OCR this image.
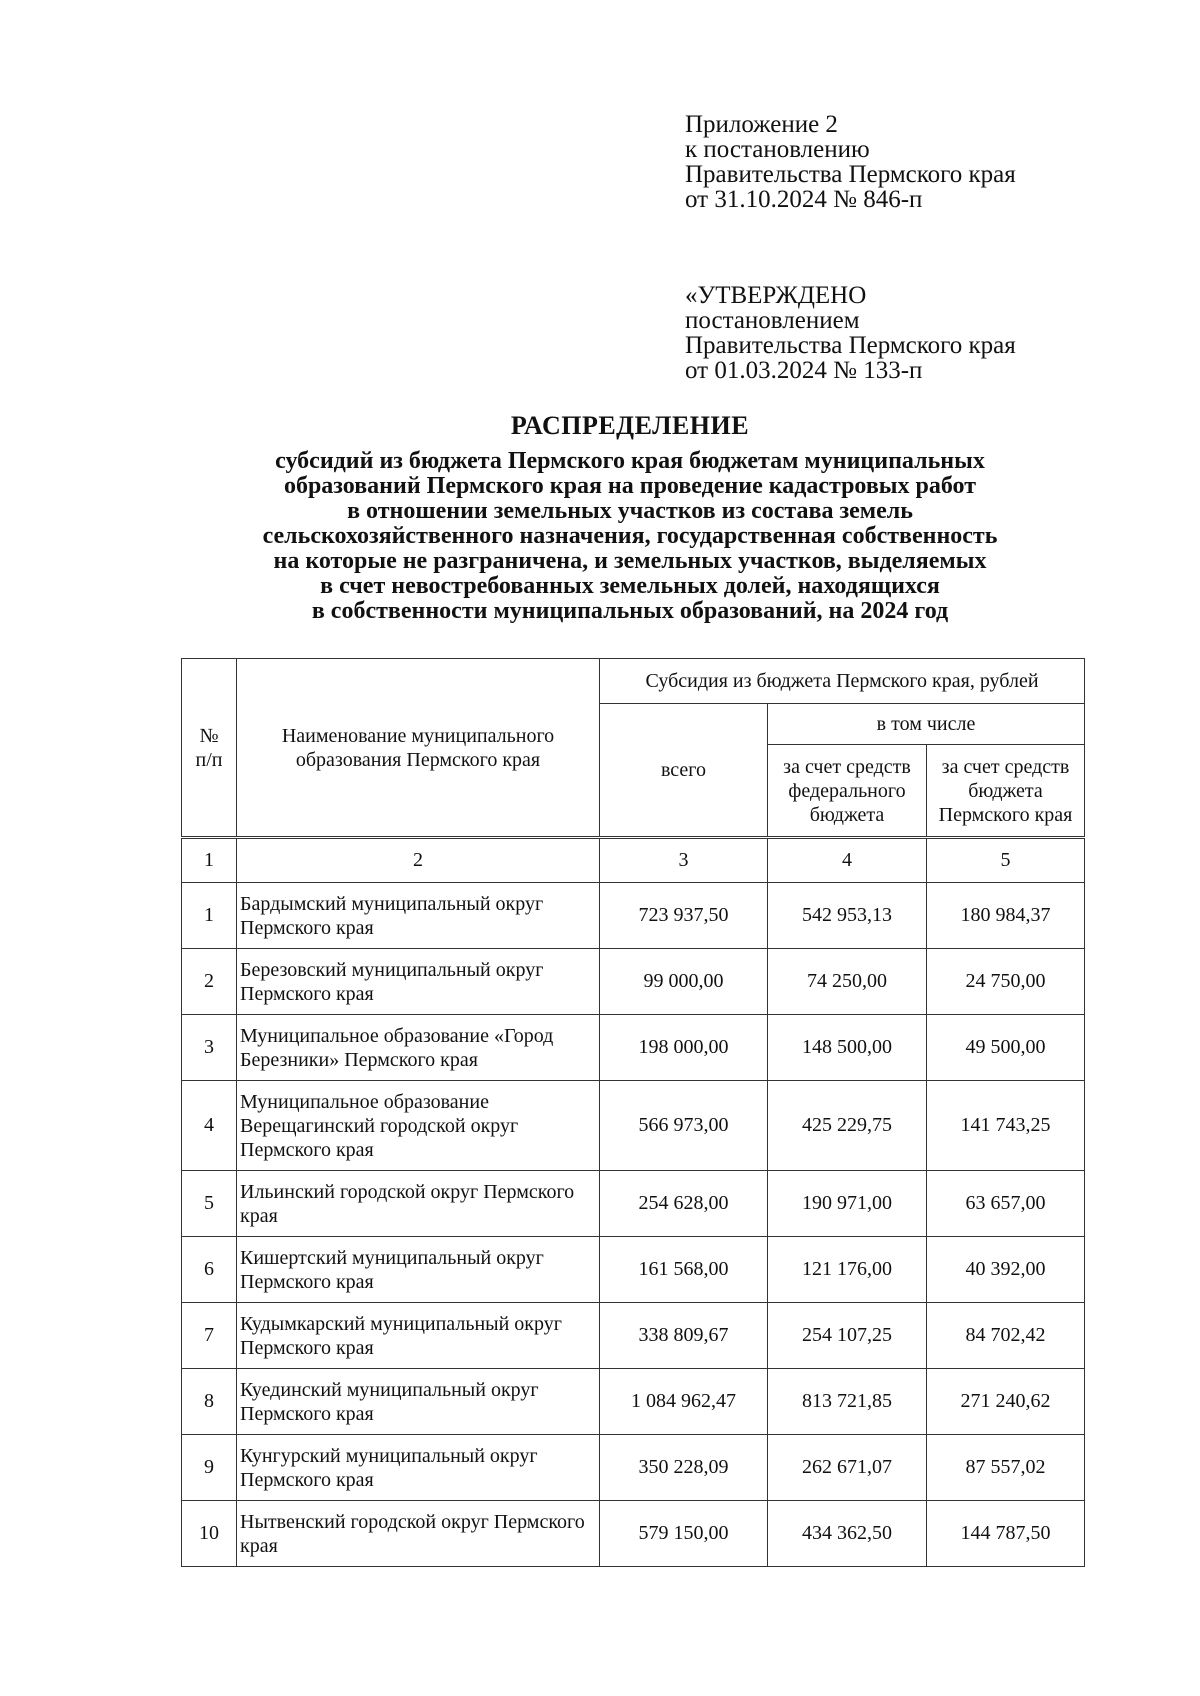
Приложение 2
к постановлению
Правительства Пермского края
от 31.10.2024 № 846-п
«УТВЕРЖДЕНО
постановлением
Правительства Пермского края
от 01.03.2024 № 133-п
РАСПРЕДЕЛЕНИЕ
субсидий из бюджета Пермского края бюджетам муниципальных
образований Пермского края на проведение кадастровых работ
в отношении земельных участков из состава земель
сельскохозяйственного назначения, государственная собственность
на которые не разграничена, и земельных участков, выделяемых
в счет невостребованных земельных долей, находящихся
в собственности муниципальных образований, на 2024 год
№ п/п	Наименование муниципального образования Пермского края	Субсидия из бюджета Пермского края, рублей		
		всего	в том числе	
			за счет средств федерального бюджета	за счет средств бюджета Пермского края
1	2	3	4	5
1	Бардымский муниципальный округ Пермского края	723 937,50	542 953,13	180 984,37
2	Березовский муниципальный округ Пермского края	99 000,00	74 250,00	24 750,00
3	Муниципальное образование «Город Березники» Пермского края	198 000,00	148 500,00	49 500,00
4	Муниципальное образование Верещагинский городской округ Пермского края	566 973,00	425 229,75	141 743,25
5	Ильинский городской округ Пермского края	254 628,00	190 971,00	63 657,00
6	Кишертский муниципальный округ Пермского края	161 568,00	121 176,00	40 392,00
7	Кудымкарский муниципальный округ Пермского края	338 809,67	254 107,25	84 702,42
8	Куединский муниципальный округ Пермского края	1 084 962,47	813 721,85	271 240,62
9	Кунгурский муниципальный округ Пермского края	350 228,09	262 671,07	87 557,02
10	Нытвенский городской округ Пермского края	579 150,00	434 362,50	144 787,50
